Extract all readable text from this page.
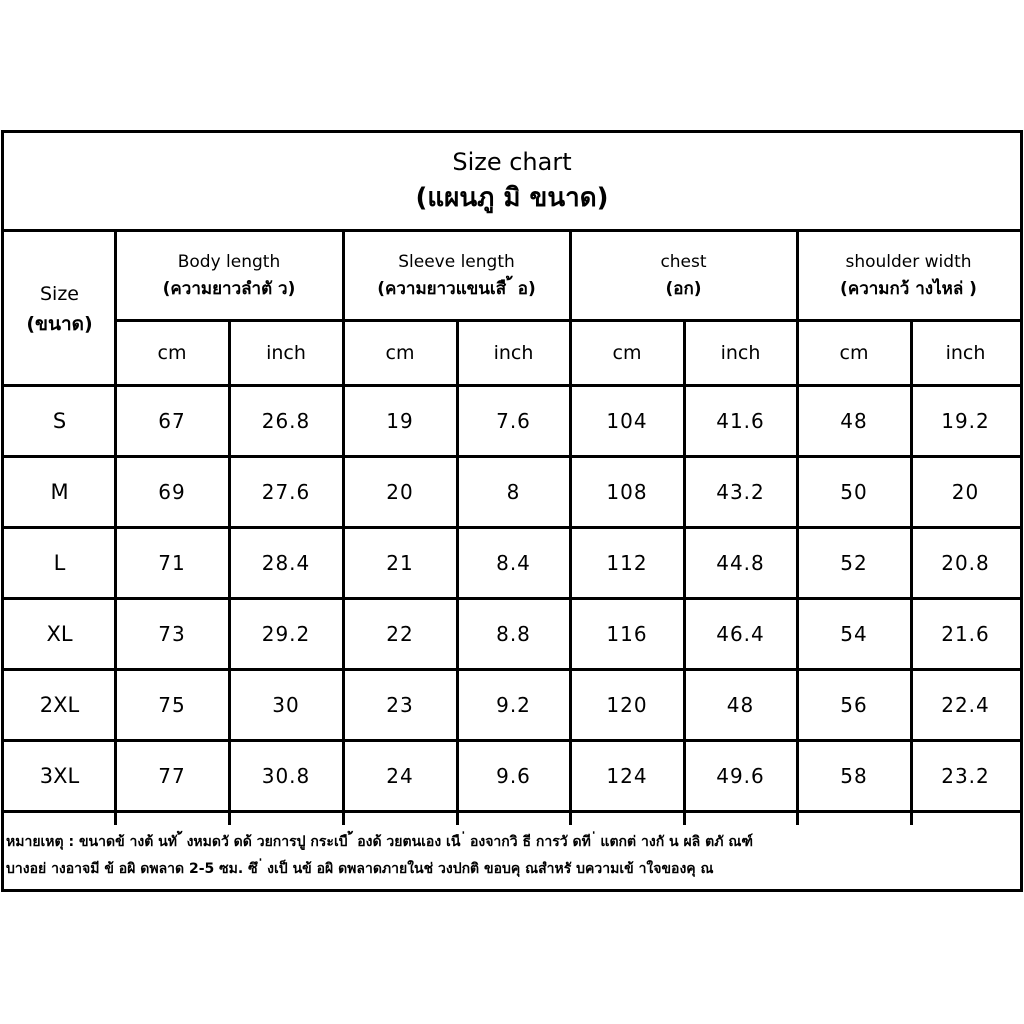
Size chart
(แผนภู มิ ขนาด)
Size
(ขนาด)
Body length
(ความยาวลำตั ว)
cm	inch
Sleeve length
(ความยาวแขนเสื ้ อ)
cm	inch
chest
(อก)
cm	inch
shoulder width
(ความกว้ างไหล่ )
cm	inch
S	67	26.8	19	7.6	104	41.6	48	19.2
M	69	27.6	20	8	108	43.2	50	20
L	71	28.4	21	8.4	112	44.8	52	20.8
XL	73	29.2	22	8.8	116	46.4	54	21.6
2XL	75	30	23	9.2	120	48	56	22.4
3XL	77	30.8	24	9.6	124	49.6	58	23.2
หมายเหตุ : ขนาดข้ างต้ นทั ้ งหมดวั ดด้ วยการปู กระเบื ้ องด้ วยตนเอง เนื ่ องจากวิ ธี การวั ดที ่ แตกต่ างกั น ผลิ ตภั ณฑ์
บางอย่ างอาจมี ข้ อผิ ดพลาด 2-5 ซม. ซึ ่ งเป็ นข้ อผิ ดพลาดภายในช่ วงปกติ ขอบคุ ณสำหรั บความเข้ าใจของคุ ณ
